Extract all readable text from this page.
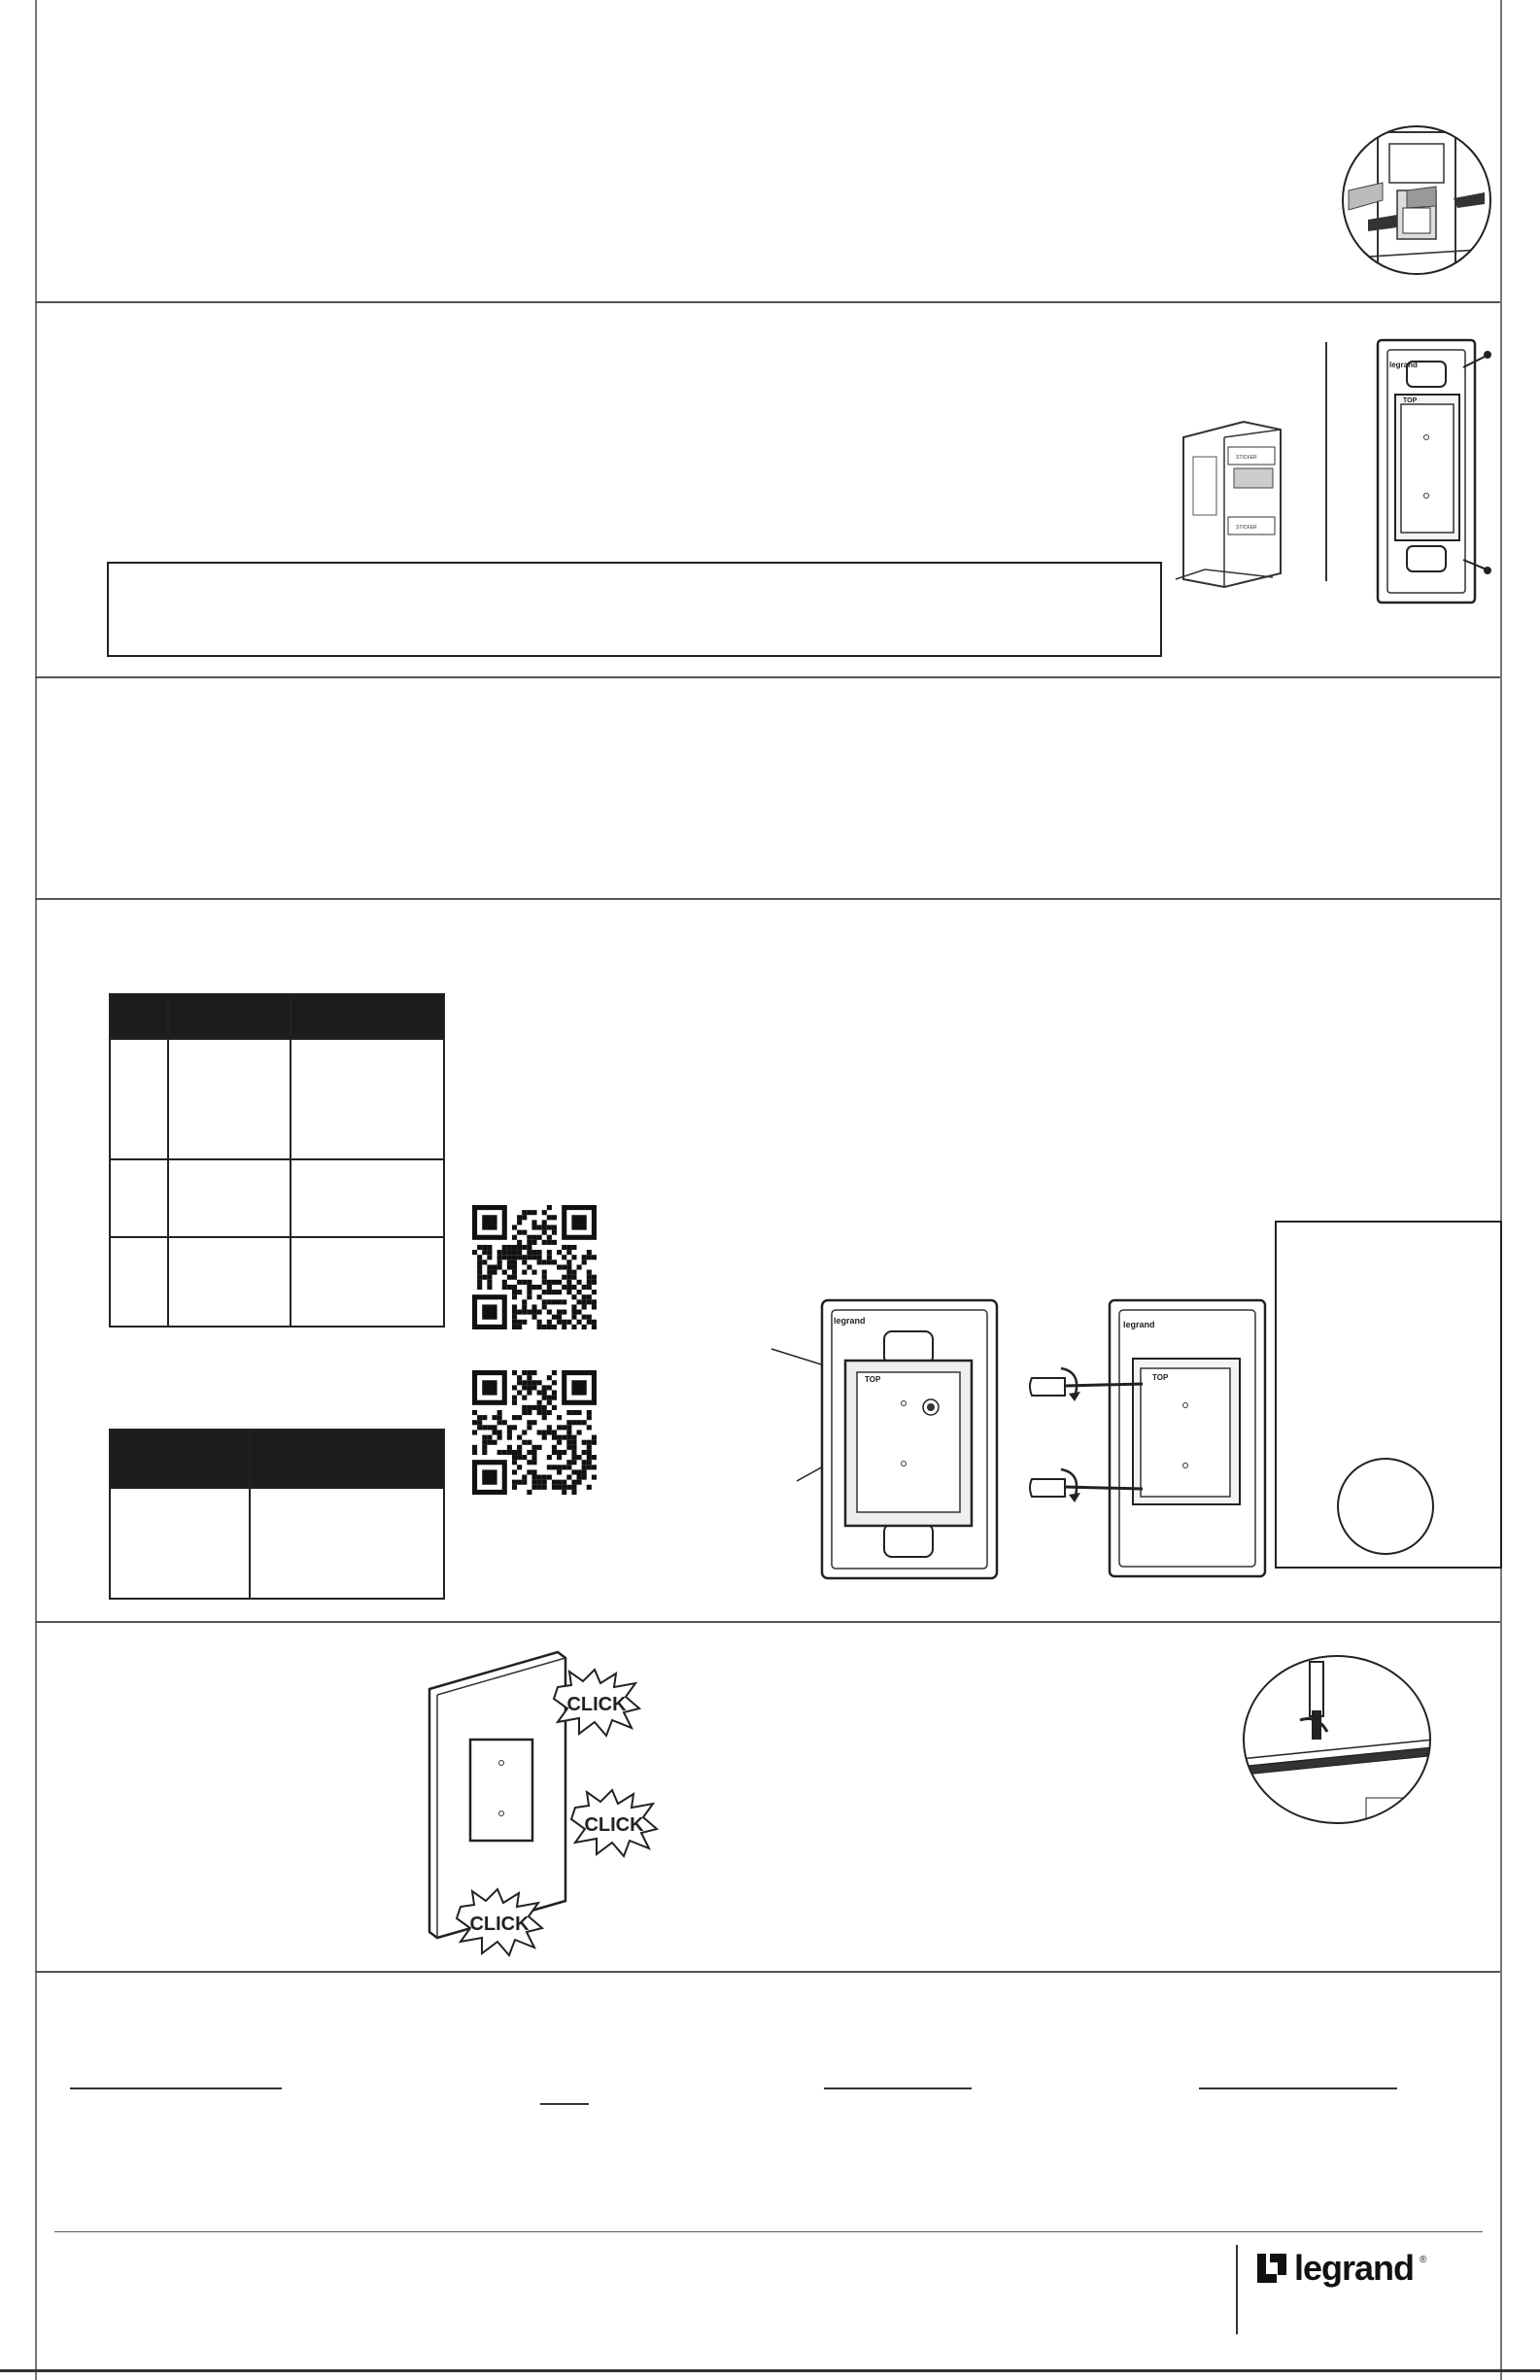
STICKER
STICKER
legrand
TOP

legrand
TOP
legrand
TOP
CLICK
CLICK
CLICK
legrand ®
